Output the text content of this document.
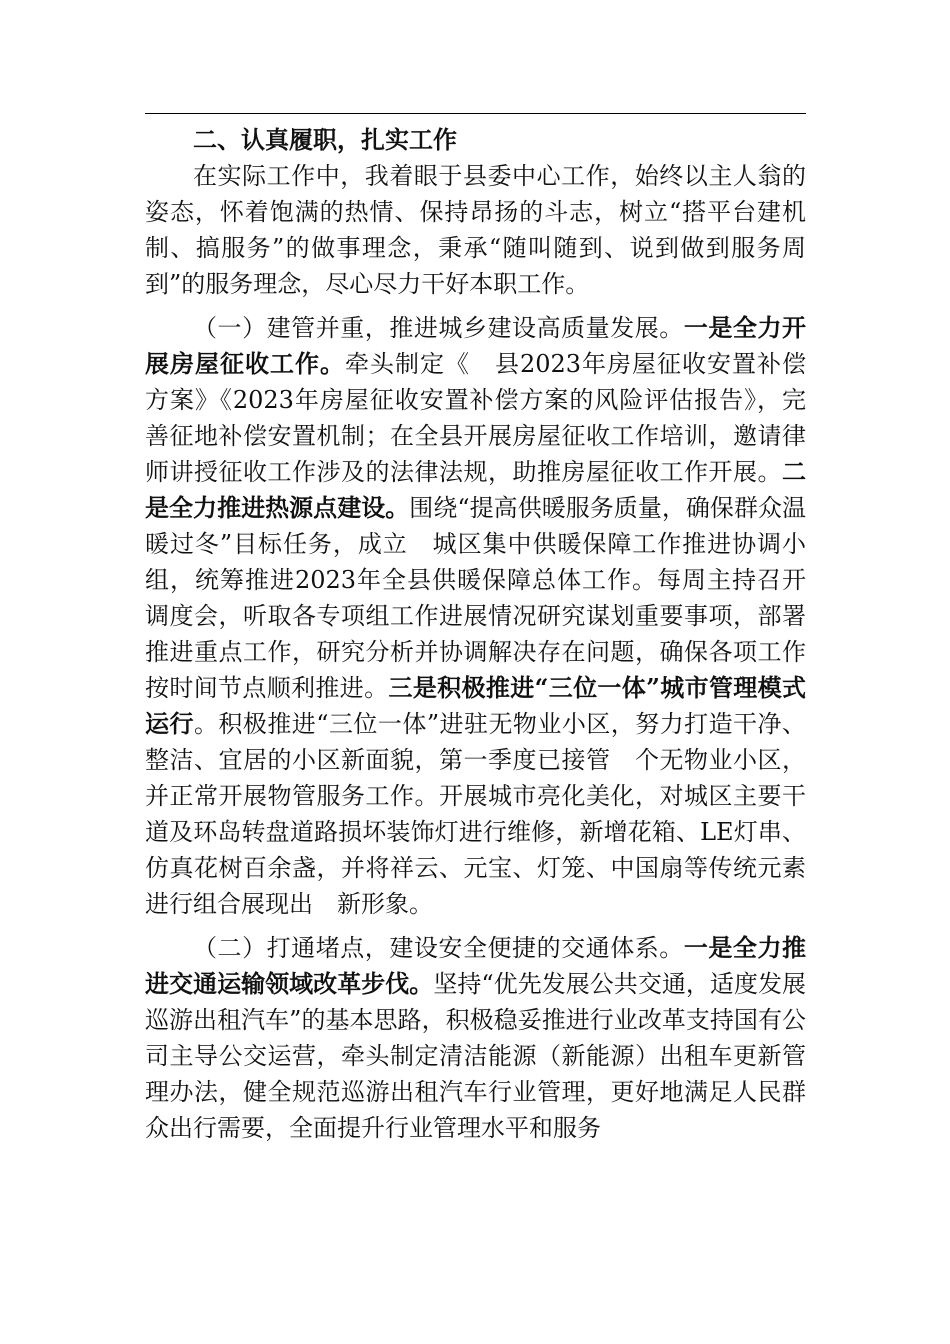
二、认真履职，扎实工作

在实际工作中，我着眼于县委中心工作，始终以主人翁的姿态，怀着饱满的热情、保持昂扬的斗志，树立“搭平台建机制、搞服务”的做事理念，秉承“随叫随到、说到做到服务周到”的服务理念，尽心尽力干好本职工作。

（一）建管并重，推进城乡建设高质量发展。一是全力开展房屋征收工作。牵头制定《　县2023年房屋征收安置补偿方案》《2023年房屋征收安置补偿方案的风险评估报告》，完善征地补偿安置机制；在全县开展房屋征收工作培训，邀请律师讲授征收工作涉及的法律法规，助推房屋征收工作开展。二是全力推进热源点建设。围绕“提高供暖服务质量，确保群众温暖过冬”目标任务，成立　城区集中供暖保障工作推进协调小组，统筹推进2023年全县供暖保障总体工作。每周主持召开调度会，听取各专项组工作进展情况研究谋划重要事项，部署推进重点工作，研究分析并协调解决存在问题，确保各项工作按时间节点顺利推进。三是积极推进“三位一体”城市管理模式运行。积极推进“三位一体”进驻无物业小区，努力打造干净、整洁、宜居的小区新面貌，第一季度已接管　个无物业小区，并正常开展物管服务工作。开展城市亮化美化，对城区主要干道及环岛转盘道路损坏装饰灯进行维修，新增花箱、LE灯串、仿真花树百余盏，并将祥云、元宝、灯笼、中国扇等传统元素进行组合展现出　新形象。

（二）打通堵点，建设安全便捷的交通体系。一是全力推进交通运输领域改革步伐。坚持“优先发展公共交通，适度发展巡游出租汽车”的基本思路，积极稳妥推进行业改革支持国有公司主导公交运营，牵头制定清洁能源（新能源）出租车更新管理办法，健全规范巡游出租汽车行业管理，更好地满足人民群众出行需要，全面提升行业管理水平和服务
